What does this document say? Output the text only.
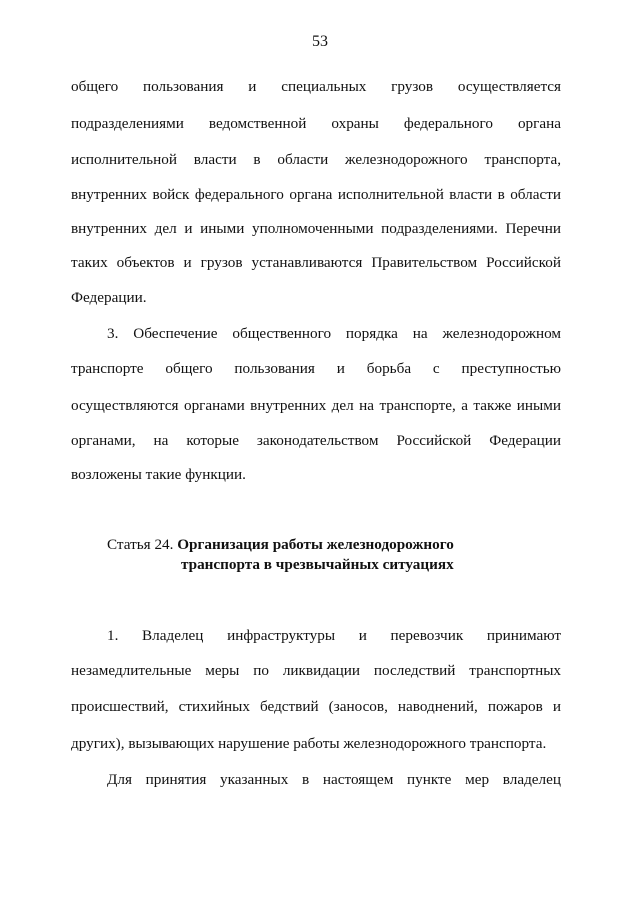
53
общего пользования и специальных грузов осуществляется
подразделениями ведомственной охраны федерального органа
исполнительной власти в области железнодорожного транспорта,
внутренних войск федерального органа исполнительной власти в области
внутренних дел и иными уполномоченными подразделениями. Перечни
таких объектов и грузов устанавливаются Правительством Российской
Федерации.
3. Обеспечение общественного порядка на железнодорожном
транспорте общего пользования и борьба с преступностью
осуществляются органами внутренних дел на транспорте, а также иными
органами, на которые законодательством Российской Федерации
возложены такие функции.
Статья 24. Организация работы железнодорожного
транспорта в чрезвычайных ситуациях
1. Владелец инфраструктуры и перевозчик принимают
незамедлительные меры по ликвидации последствий транспортных
происшествий, стихийных бедствий (заносов, наводнений, пожаров и
других), вызывающих нарушение работы железнодорожного транспорта.
Для принятия указанных в настоящем пункте мер владелец
